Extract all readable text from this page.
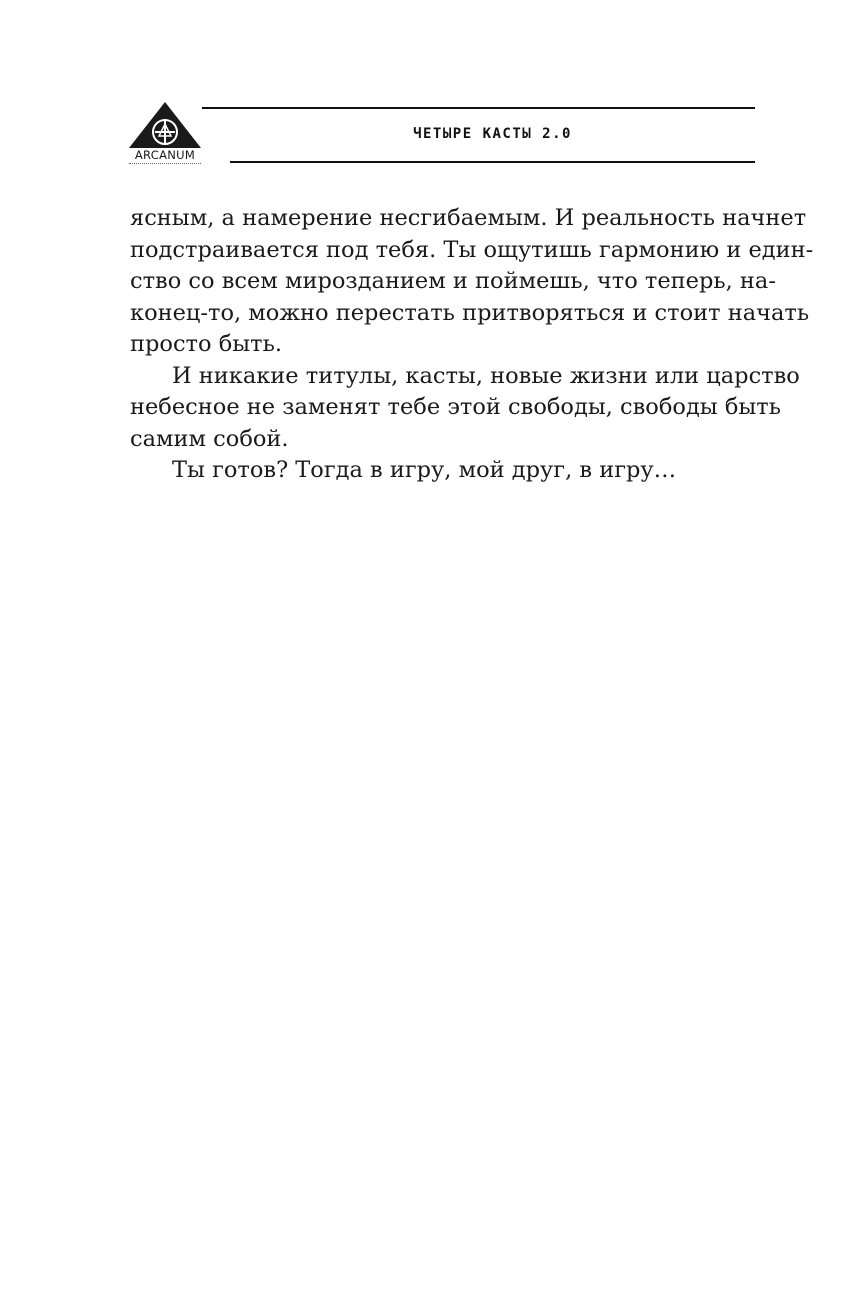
ARCANUM
ЧЕТЫРЕ КАСТЫ 2.0
ясным, а намерение несгибаемым. И реальность начнет
подстраивается под тебя. Ты ощутишь гармонию и един-
ство со всем мирозданием и поймешь, что теперь, на-
конец-то, можно перестать притворяться и стоит начать
просто быть.
И никакие титулы, касты, новые жизни или царство
небесное не заменят тебе этой свободы, свободы быть
самим собой.
Ты готов? Тогда в игру, мой друг, в игру…
